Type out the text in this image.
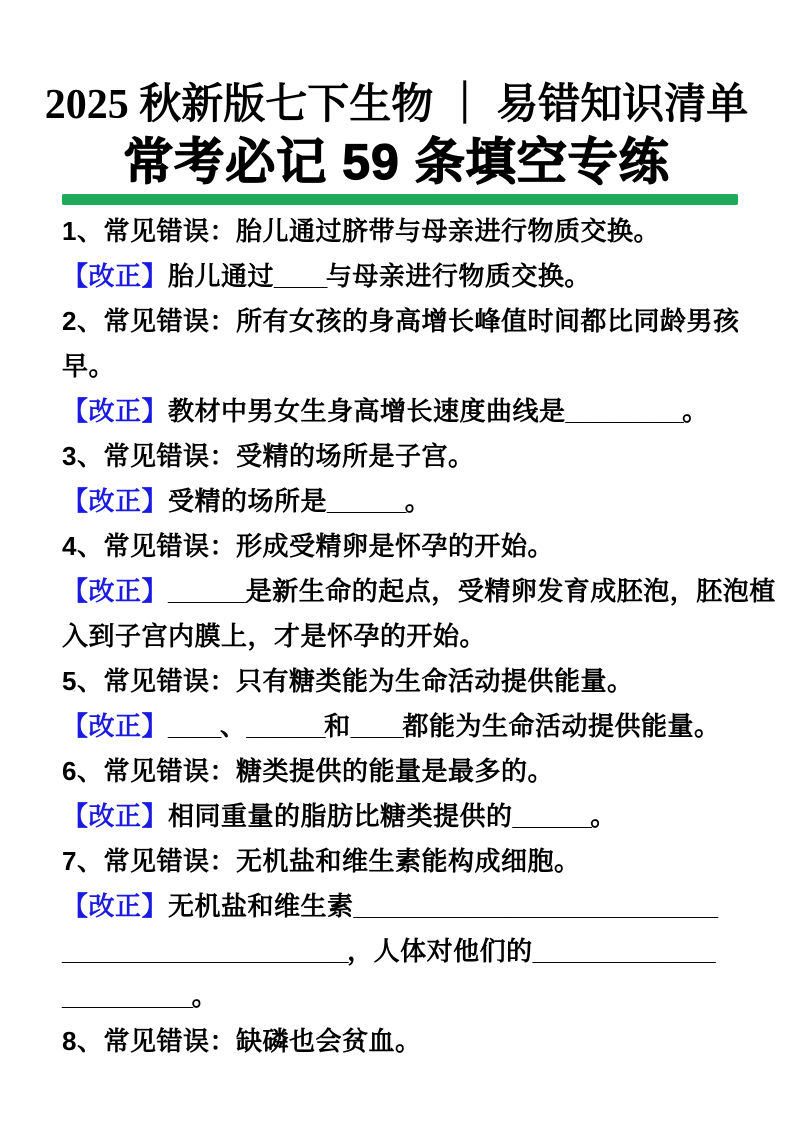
2025 秋新版七下生物 ｜ 易错知识清单
常考必记 59 条填空专练
1、常见错误：胎儿通过脐带与母亲进行物质交换。
【改正】胎儿通过____与母亲进行物质交换。
2、常见错误：所有女孩的身高增长峰值时间都比同龄男孩
早。
【改正】教材中男女生身高增长速度曲线是_________。
3、常见错误：受精的场所是子宫。
【改正】受精的场所是______。
4、常见错误：形成受精卵是怀孕的开始。
【改正】______是新生命的起点，受精卵发育成胚泡，胚泡植
入到子宫内膜上，才是怀孕的开始。
5、常见错误：只有糖类能为生命活动提供能量。
【改正】____、______和____都能为生命活动提供能量。
6、常见错误：糖类提供的能量是最多的。
【改正】相同重量的脂肪比糖类提供的______。
7、常见错误：无机盐和维生素能构成细胞。
【改正】无机盐和维生素____________________________
______________________，人体对他们的______________
__________。
8、常见错误：缺磷也会贫血。
